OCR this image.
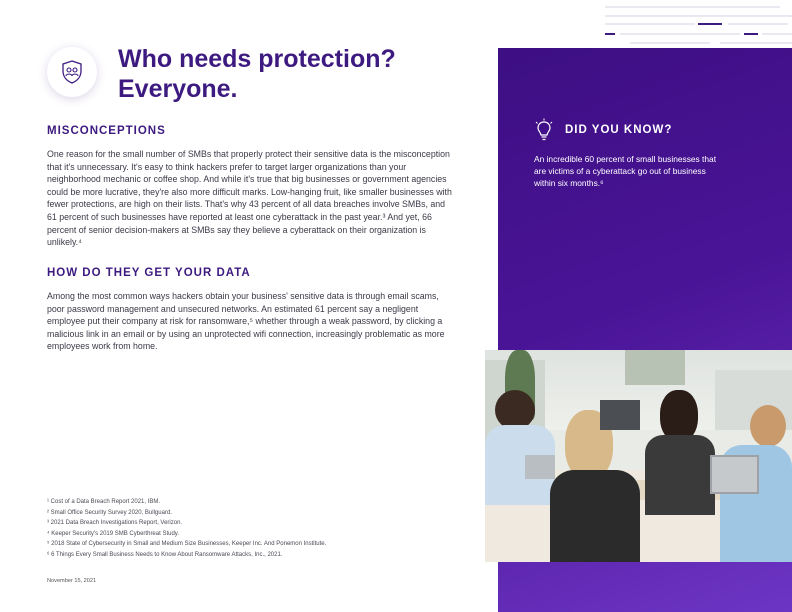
Who needs protection?
Everyone.
MISCONCEPTIONS

One reason for the small number of SMBs that properly protect their sensitive data is the misconception that it's unnecessary. It's easy to think hackers prefer to target larger organizations than your neighborhood mechanic or coffee shop. And while it's true that big businesses or government agencies could be more lucrative, they're also more difficult marks. Low-hanging fruit, like smaller businesses with fewer protections, are high on their lists. That's why 43 percent of all data breaches involve SMBs, and 61 percent of such businesses have reported at least one cyberattack in the past year.³ And yet, 66 percent of senior decision-makers at SMBs say they believe a cyberattack on their organization is unlikely.⁴

HOW DO THEY GET YOUR DATA

Among the most common ways hackers obtain your business' sensitive data is through email scams, poor password management and unsecured networks. An estimated 61 percent say a negligent employee put their company at risk for ransomware,⁵ whether through a weak password, by clicking a malicious link in an email or by using an unprotected wifi connection, increasingly problematic as more employees work from home.

¹ Cost of a Data Breach Report 2021, IBM.
² Small Office Security Survey 2020, Bullguard.
³ 2021 Data Breach Investigations Report, Verizon.
⁴ Keeper Security's 2019 SMB Cyberthreat Study.
⁵ 2018 State of Cybersecurity in Small and Medium Size Businesses, Keeper Inc. And Ponemon Institute.
⁶ 6 Things Every Small Business Needs to Know About Ransomware Attacks, Inc., 2021.
November 15, 2021
DID YOU KNOW?

An incredible 60 percent of small businesses that are victims of a cyberattack go out of business within six months.⁶
